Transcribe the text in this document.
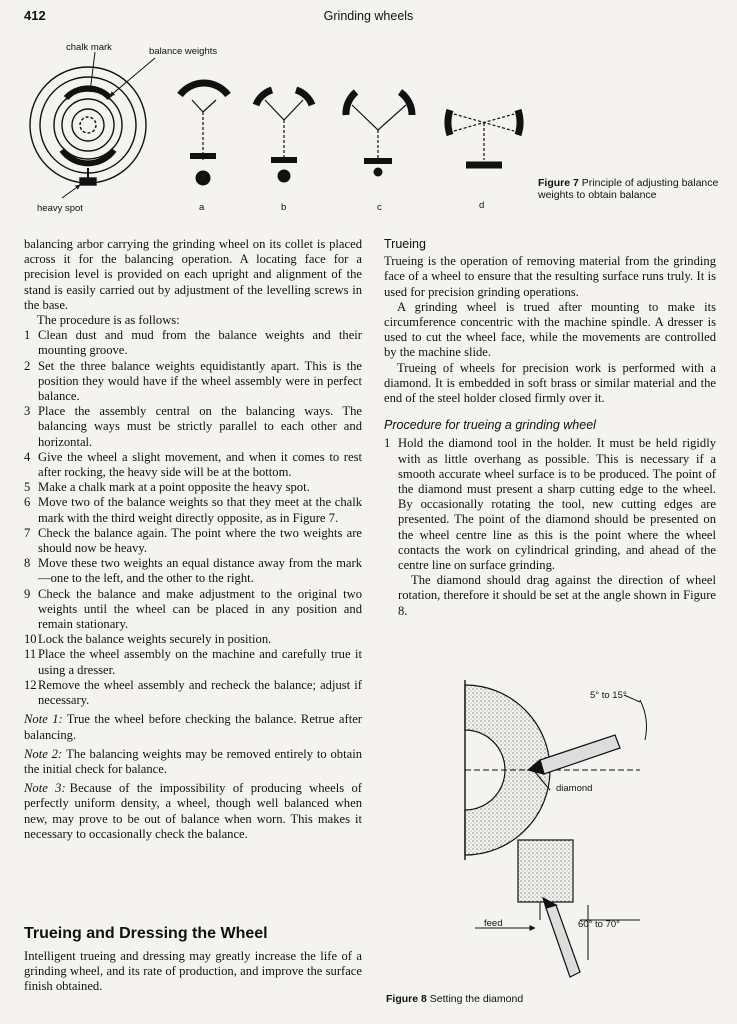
412	Grinding wheels
chalk mark	balance weights
heavy spot	a	b	c	d
Figure 7 Principle of adjusting balance weights to obtain balance

balancing arbor carrying the grinding wheel on its collet is placed across it for the balancing operation. A locating face for a precision level is provided on each upright and alignment of the stand is easily carried out by adjustment of the levelling screws in the base.

The procedure is as follows:

1 Clean dust and mud from the balance weights and their mounting groove.
2 Set the three balance weights equidistantly apart. This is the position they would have if the wheel assembly were in perfect balance.
3 Place the assembly central on the balancing ways. The balancing ways must be strictly parallel to each other and horizontal.
4 Give the wheel a slight movement, and when it comes to rest after rocking, the heavy side will be at the bottom.
5 Make a chalk mark at a point opposite the heavy spot.
6 Move two of the balance weights so that they meet at the chalk mark with the third weight directly opposite, as in Figure 7.
7 Check the balance again. The point where the two weights are should now be heavy.
8 Move these two weights an equal distance away from the mark—one to the left, and the other to the right.
9 Check the balance and make adjustment to the original two weights until the wheel can be placed in any position and remain stationary.
10 Lock the balance weights securely in position.
11 Place the wheel assembly on the machine and carefully true it using a dresser.
12 Remove the wheel assembly and recheck the balance; adjust if necessary.

Note 1: True the wheel before checking the balance. Retrue after balancing.

Note 2: The balancing weights may be removed entirely to obtain the initial check for balance.

Note 3: Because of the impossibility of producing wheels of perfectly uniform density, a wheel, though well balanced when new, may prove to be out of balance when worn. This makes it necessary to occasionally check the balance.

Trueing and Dressing the Wheel
Intelligent trueing and dressing may greatly increase the life of a grinding wheel, and its rate of production, and improve the surface finish obtained.
Trueing

Trueing is the operation of removing material from the grinding face of a wheel to ensure that the resulting surface runs truly. It is used for precision grinding operations.

A grinding wheel is trued after mounting to make its circumference concentric with the machine spindle. A dresser is used to cut the wheel face, while the movements are controlled by the machine slide.

Trueing of wheels for precision work is performed with a diamond. It is embedded in soft brass or similar material and the end of the steel holder closed firmly over it.

Procedure for trueing a grinding wheel
1 Hold the diamond tool in the holder. It must be held rigidly with as little overhang as possible. This is necessary if a smooth accurate wheel surface is to be produced. The point of the diamond must present a sharp cutting edge to the wheel. By occasionally rotating the tool, new cutting edges are presented. The point of the diamond should be presented on the wheel centre line as this is the point where the wheel contacts the work on cylindrical grinding, and ahead of the centre line on surface grinding.

The diamond should drag against the direction of wheel rotation, therefore it should be set at the angle shown in Figure 8.

5° to 15°
diamond
feed	60° to 70°
Figure 8 Setting the diamond
